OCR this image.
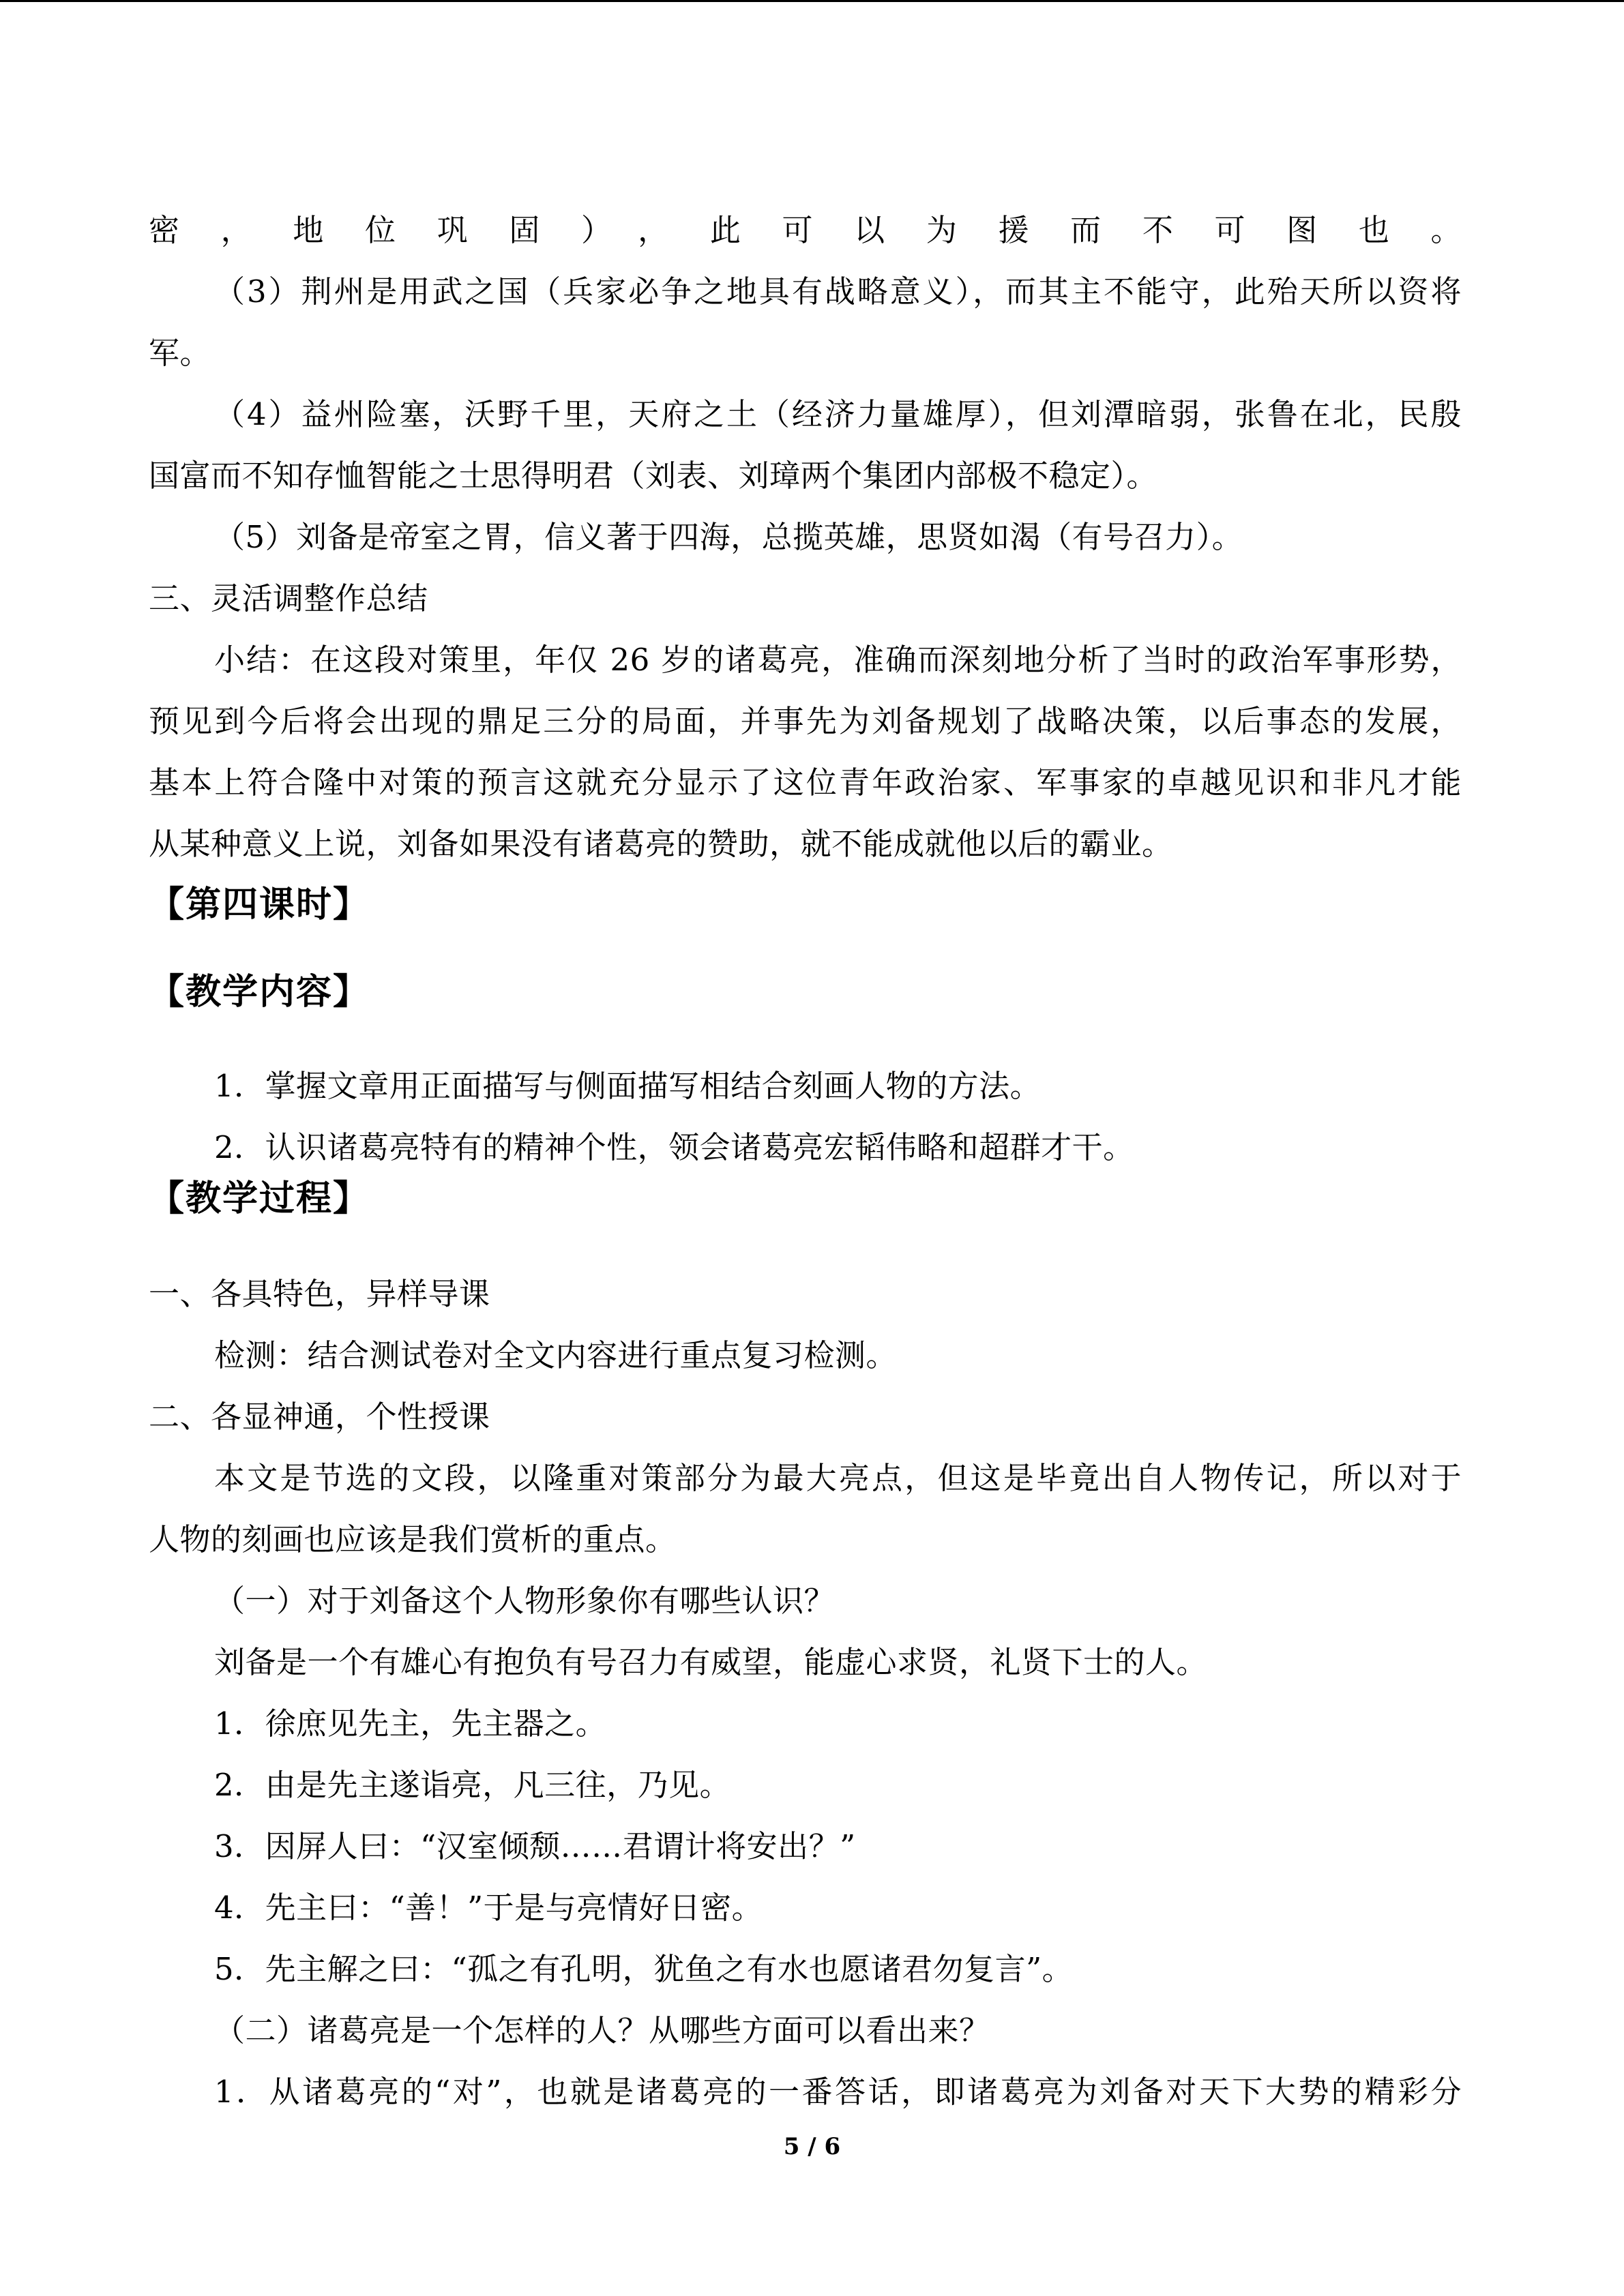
密，地位巩固），此可以为援而不可图也。
（3）荆州是用武之国（兵家必争之地具有战略意义），而其主不能守，此殆天所以资将
军。
（4）益州险塞，沃野千里，天府之土（经济力量雄厚），但刘潭暗弱，张鲁在北，民殷
国富而不知存恤智能之士思得明君（刘表、刘璋两个集团内部极不稳定）。
（5）刘备是帝室之胃，信义著于四海，总揽英雄，思贤如渴（有号召力）。
三、灵活调整作总结
小结：在这段对策里，年仅 26 岁的诸葛亮，准确而深刻地分析了当时的政治军事形势，
预见到今后将会出现的鼎足三分的局面，并事先为刘备规划了战略决策，以后事态的发展，
基本上符合隆中对策的预言这就充分显示了这位青年政治家、军事家的卓越见识和非凡才能
从某种意义上说，刘备如果没有诸葛亮的赞助，就不能成就他以后的霸业。
【第四课时】
【教学内容】
1．掌握文章用正面描写与侧面描写相结合刻画人物的方法。
2．认识诸葛亮特有的精神个性，领会诸葛亮宏韬伟略和超群才干。
【教学过程】
一、各具特色，异样导课
检测：结合测试卷对全文内容进行重点复习检测。
二、各显神通，个性授课
本文是节选的文段，以隆重对策部分为最大亮点，但这是毕竟出自人物传记，所以对于
人物的刻画也应该是我们赏析的重点。
（一）对于刘备这个人物形象你有哪些认识？
刘备是一个有雄心有抱负有号召力有威望，能虚心求贤，礼贤下士的人。
1．徐庶见先主，先主器之。
2．由是先主遂诣亮，凡三往，乃见。
3．因屏人曰：“汉室倾颓……君谓计将安出？”
4．先主曰：“善！”于是与亮情好日密。
5．先主解之曰：“孤之有孔明，犹鱼之有水也愿诸君勿复言”。
（二）诸葛亮是一个怎样的人？从哪些方面可以看出来？
1．从诸葛亮的“对”，也就是诸葛亮的一番答话，即诸葛亮为刘备对天下大势的精彩分
5 / 6
